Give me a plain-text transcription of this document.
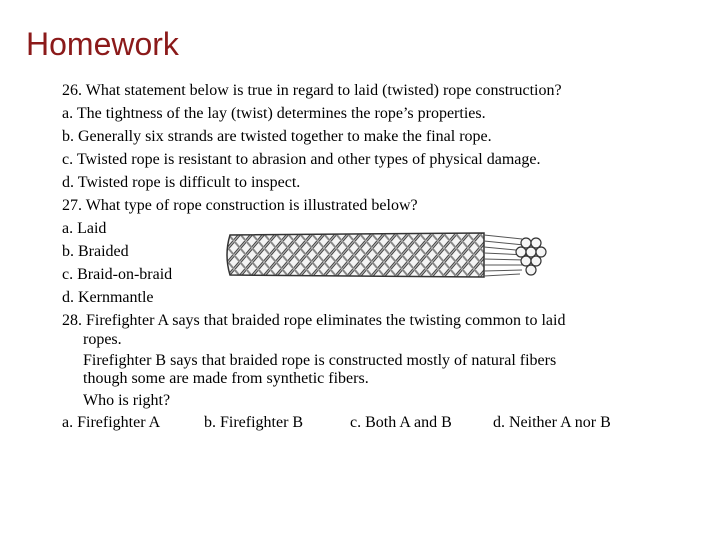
Homework
26. What statement below is true in regard to laid (twisted) rope construction?
a. The tightness of the lay (twist) determines the rope’s properties.
b. Generally six strands are twisted together to make the final rope.
c. Twisted rope is resistant to abrasion and other types of physical damage.
d. Twisted rope is difficult to inspect.
27. What type of rope construction is illustrated below?
a. Laid
b. Braided
c. Braid-on-braid
d. Kernmantle
28. Firefighter A says that braided rope eliminates the twisting common to laid
ropes.
Firefighter B says that braided rope is constructed mostly of natural fibers
though some are made from synthetic fibers.
Who is right?
a. Firefighter A	b. Firefighter B	c. Both A and B	d. Neither A nor B
